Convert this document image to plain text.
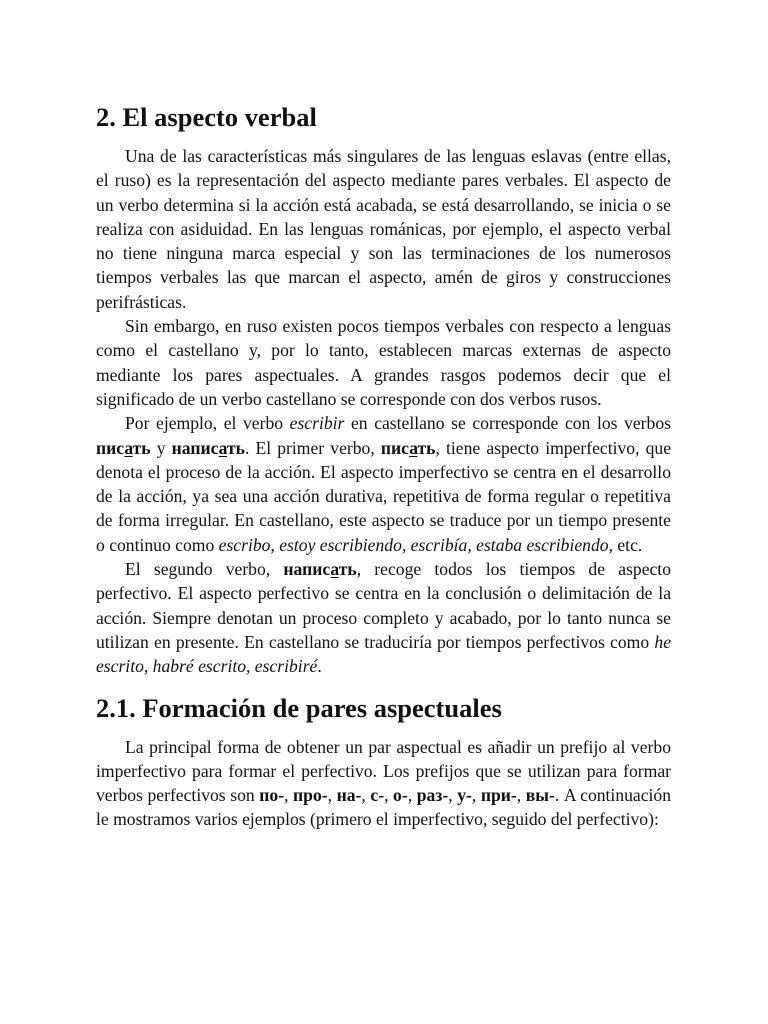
2. El aspecto verbal

Una de las características más singulares de las lenguas eslavas (entre ellas, el ruso) es la representación del aspecto mediante pares verbales. El aspecto de un verbo determina si la acción está acabada, se está desarrollando, se inicia o se realiza con asiduidad. En las lenguas románicas, por ejemplo, el aspecto verbal no tiene ninguna marca especial y son las terminaciones de los numerosos tiempos verbales las que marcan el aspecto, amén de giros y construcciones perifrásticas.

Sin embargo, en ruso existen pocos tiempos verbales con respecto a lenguas como el castellano y, por lo tanto, establecen marcas externas de aspecto mediante los pares aspectuales. A grandes rasgos podemos decir que el significado de un verbo castellano se corresponde con dos verbos rusos.

Por ejemplo, el verbo escribir en castellano se corresponde con los verbos писать y написать. El primer verbo, писать, tiene aspecto imperfectivo, que denota el proceso de la acción. El aspecto imperfectivo se centra en el desarrollo de la acción, ya sea una acción durativa, repetitiva de forma regular o repetitiva de forma irregular. En castellano, este aspecto se traduce por un tiempo presente o continuo como escribo, estoy escribiendo, escribía, estaba escribiendo, etc.

El segundo verbo, написать, recoge todos los tiempos de aspecto perfectivo. El aspecto perfectivo se centra en la conclusión o delimitación de la acción. Siempre denotan un proceso completo y acabado, por lo tanto nunca se utilizan en presente. En castellano se traduciría por tiempos perfectivos como he escrito, habré escrito, escribiré.

2.1. Formación de pares aspectuales

La principal forma de obtener un par aspectual es añadir un prefijo al verbo imperfectivo para formar el perfectivo. Los prefijos que se utilizan para formar verbos perfectivos son по-, про-, на-, с-, о-, раз-, у-, при-, вы-. A continuación le mostramos varios ejemplos (primero el imperfectivo, seguido del perfectivo):
